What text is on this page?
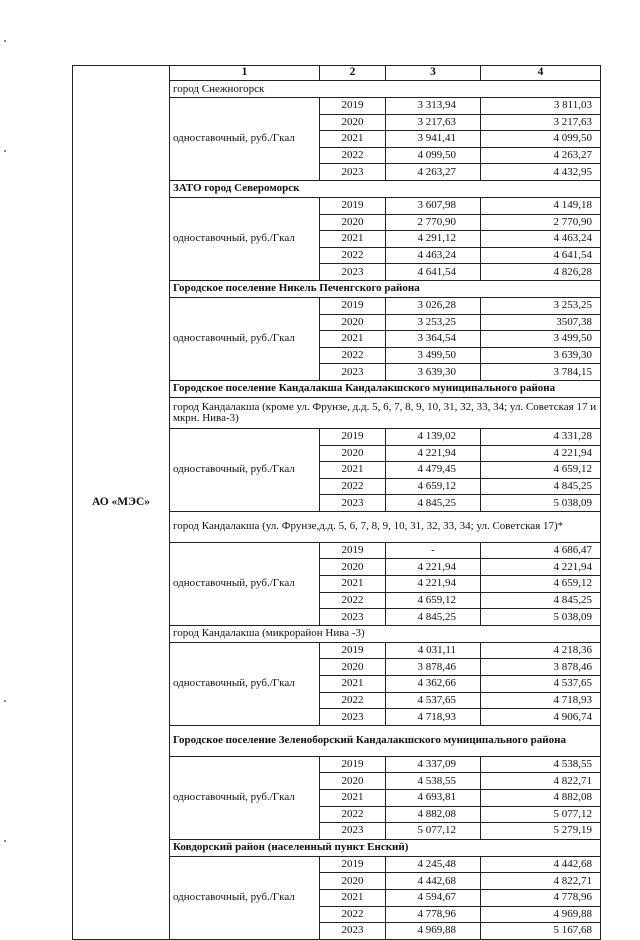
АО «МЭС»	1	2	3	4
	город Снежногорск			
	одноставочный, руб./Гкал	2019	3 313,94	3 811,03
		2020	3 217,63	3 217,63
		2021	3 941,41	4 099,50
		2022	4 099,50	4 263,27
		2023	4 263,27	4 432,95
	ЗАТО город Североморск			
	одноставочный, руб./Гкал	2019	3 607,98	4 149,18
		2020	2 770,90	2 770,90
		2021	4 291,12	4 463,24
		2022	4 463,24	4 641,54
		2023	4 641,54	4 826,28
	Городское поселение Никель Печенгского района			
	одноставочный, руб./Гкал	2019	3 026,28	3 253,25
		2020	3 253,25	3507,38
		2021	3 364,54	3 499,50
		2022	3 499,50	3 639,30
		2023	3 639,30	3 784,15
	Городское поселение Кандалакша Кандалакшского муниципального района			
	город Кандалакша (кроме ул. Фрунзе, д.д. 5, 6, 7, 8, 9, 10, 31, 32, 33, 34; ул. Советская 17 и мкрн. Нива-3)			
	одноставочный, руб./Гкал	2019	4 139,02	4 331,28
		2020	4 221,94	4 221,94
		2021	4 479,45	4 659,12
		2022	4 659,12	4 845,25
		2023	4 845,25	5 038,09
	город Кандалакша (ул. Фрунзе,д.д. 5, 6, 7, 8, 9, 10, 31, 32, 33, 34; ул. Советская 17)*			
	одноставочный, руб./Гкал	2019	-	4 686,47
		2020	4 221,94	4 221,94
		2021	4 221,94	4 659,12
		2022	4 659,12	4 845,25
		2023	4 845,25	5 038,09
	город Кандалакша (микрорайон Нива -3)			
	одноставочный, руб./Гкал	2019	4 031,11	4 218,36
		2020	3 878,46	3 878,46
		2021	4 362,66	4 537,65
		2022	4 537,65	4 718,93
		2023	4 718,93	4 906,74
	Городское поселение Зеленоборский Кандалакшского муниципального района			
	одноставочный, руб./Гкал	2019	4 337,09	4 538,55
		2020	4 538,55	4 822,71
		2021	4 693,81	4 882,08
		2022	4 882,08	5 077,12
		2023	5 077,12	5 279,19
	Ковдорский район (населенный пункт Енский)			
	одноставочный, руб./Гкал	2019	4 245,48	4 442,68
		2020	4 442,68	4 822,71
		2021	4 594,67	4 778,96
		2022	4 778,96	4 969,88
		2023	4 969,88	5 167,68
